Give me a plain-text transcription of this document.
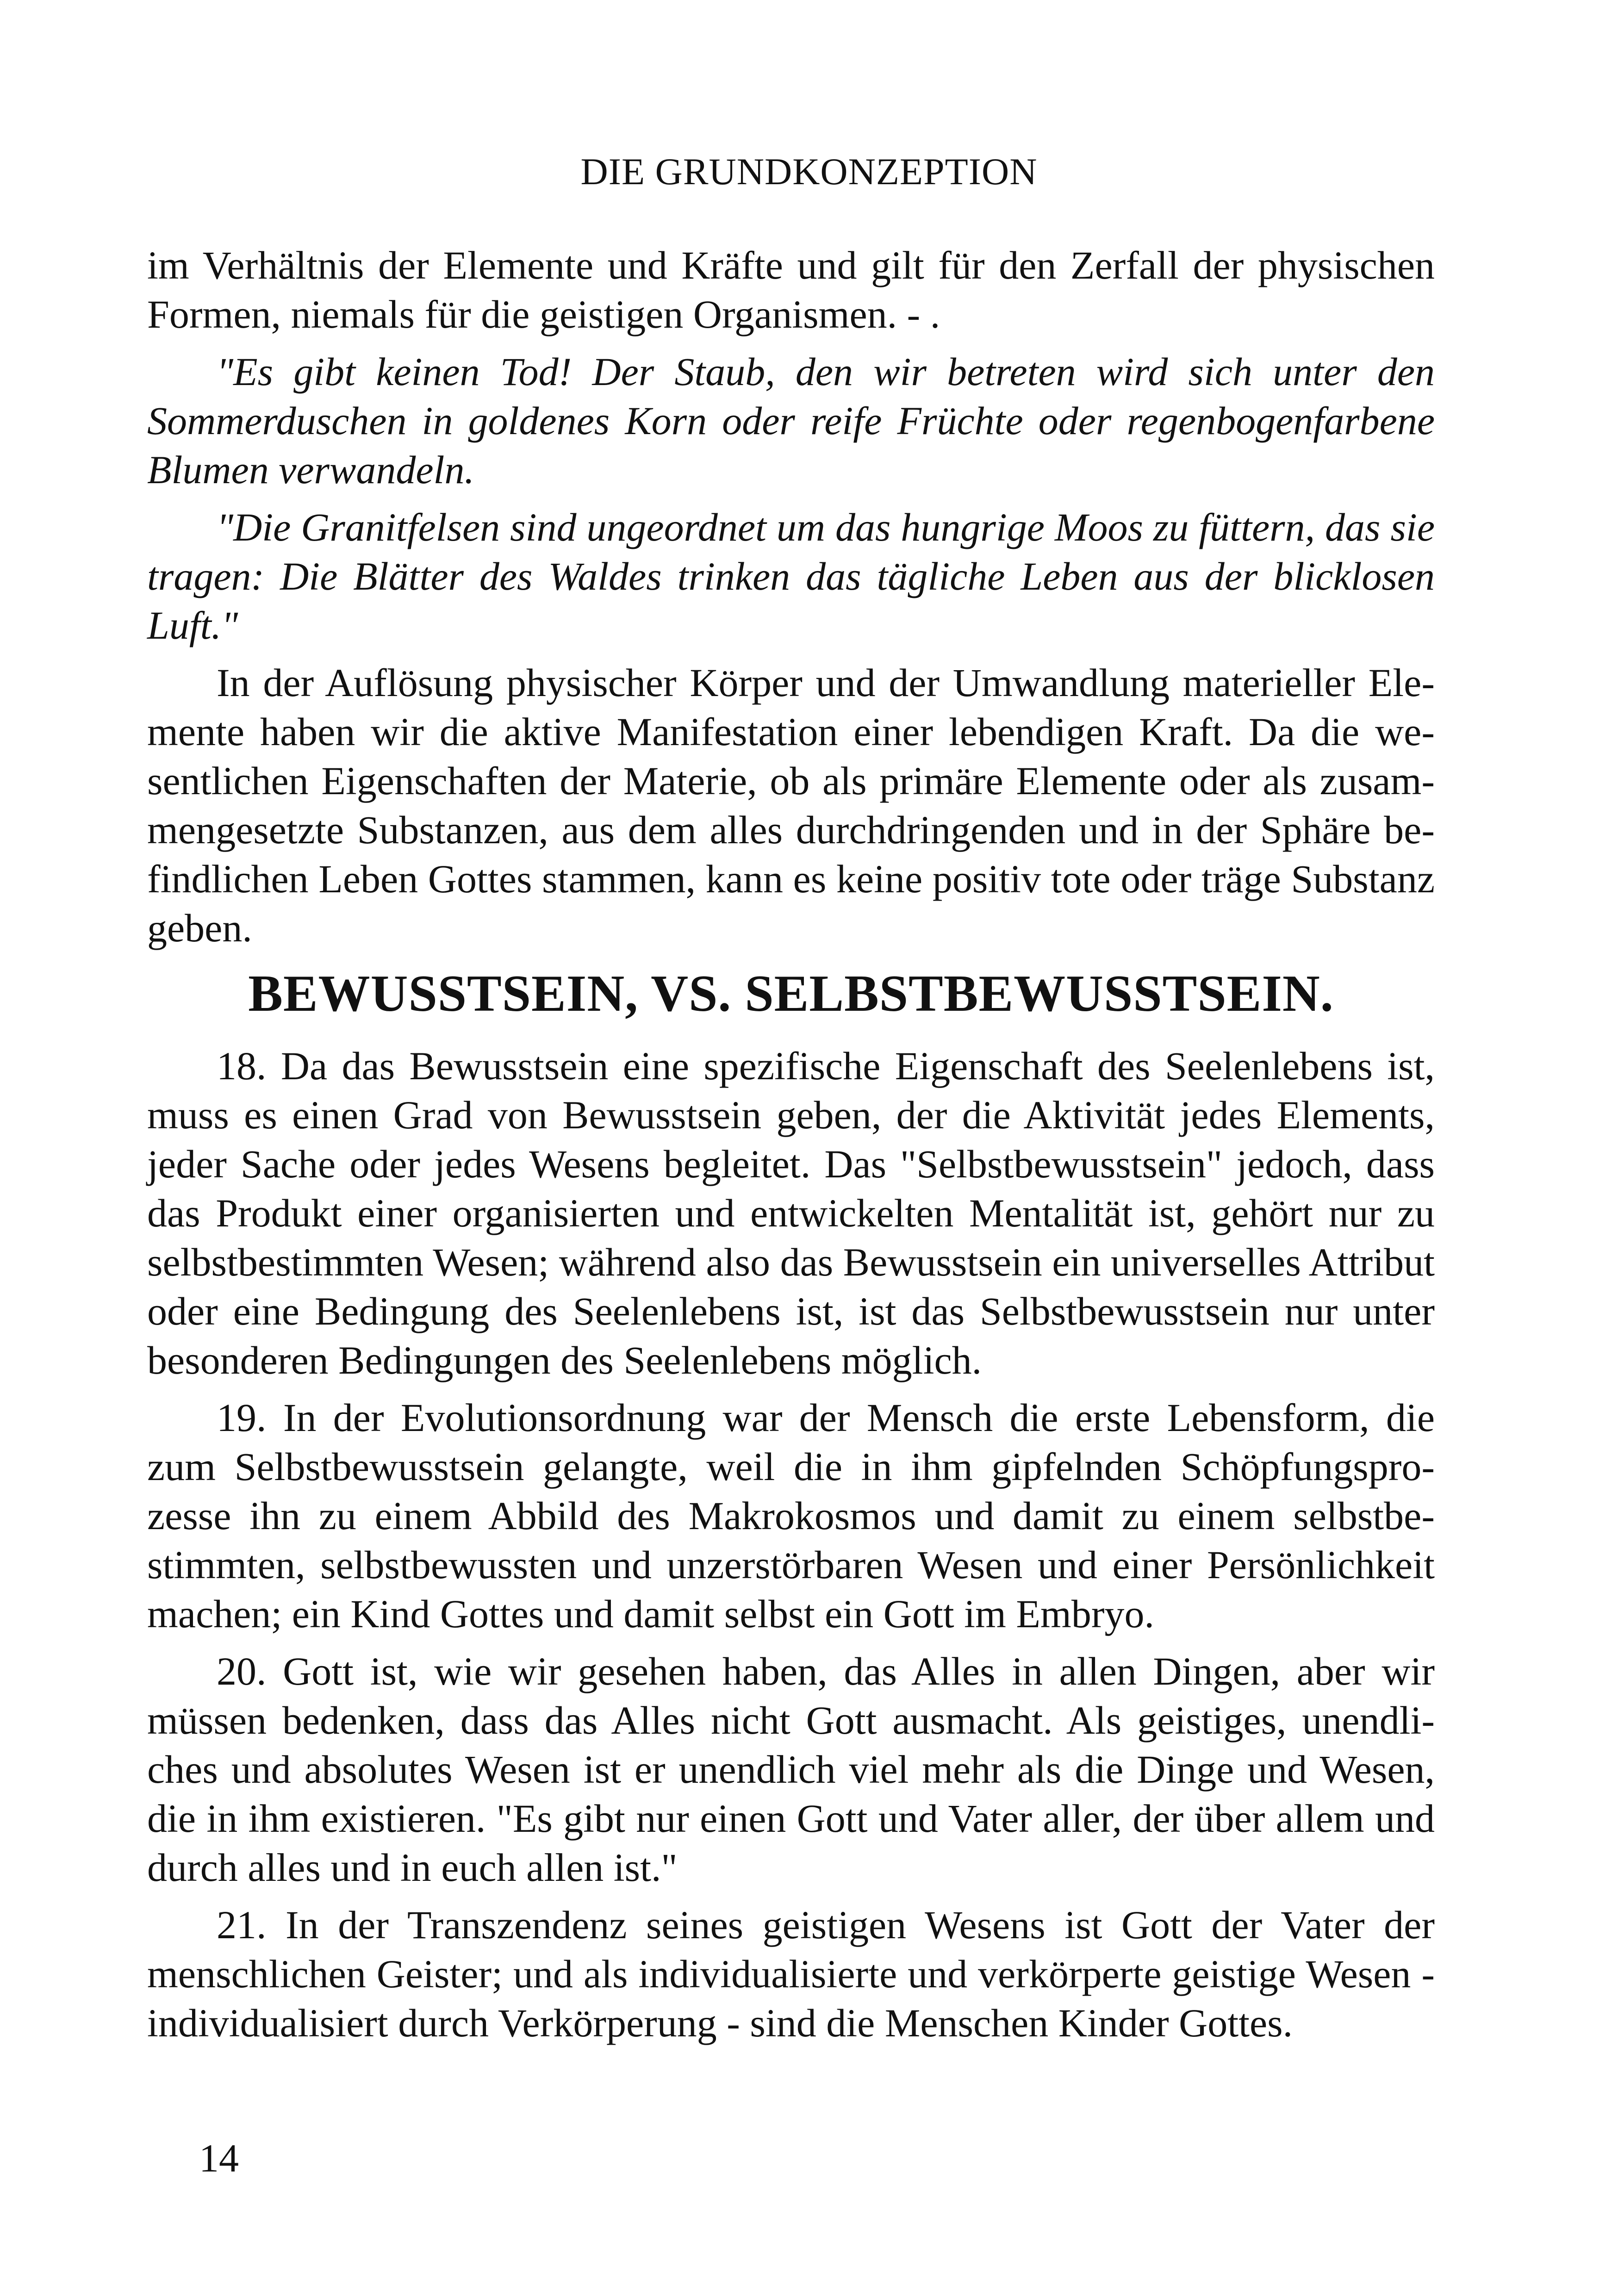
DIE GRUNDKONZEPTION

im Verhältnis der Elemente und Kräfte und gilt für den Zerfall der physischen Formen, niemals für die geistigen Organismen. - .

"Es gibt keinen Tod! Der Staub, den wir betreten wird sich unter den Sommerduschen in goldenes Korn oder reife Früchte oder regenbogenfarbene Blumen verwandeln.

"Die Granitfelsen sind ungeordnet um das hungrige Moos zu füttern, das sie tragen: Die Blätter des Waldes trinken das tägliche Leben aus der blicklosen Luft."

In der Auflösung physischer Körper und der Umwandlung materieller Elemente haben wir die aktive Manifestation einer lebendigen Kraft. Da die wesentlichen Eigenschaften der Materie, ob als primäre Elemente oder als zusammengesetzte Substanzen, aus dem alles durchdringenden und in der Sphäre befindlichen Leben Gottes stammen, kann es keine positiv tote oder träge Substanz geben.

BEWUSSTSEIN, VS. SELBSTBEWUSSTSEIN.

18. Da das Bewusstsein eine spezifische Eigenschaft des Seelenlebens ist, muss es einen Grad von Bewusstsein geben, der die Aktivität jedes Elements, jeder Sache oder jedes Wesens begleitet. Das "Selbstbewusstsein" jedoch, dass das Produkt einer organisierten und entwickelten Mentalität ist, gehört nur zu selbstbestimmten Wesen; während also das Bewusstsein ein universelles Attribut oder eine Bedingung des Seelenlebens ist, ist das Selbstbewusstsein nur unter besonderen Bedingungen des Seelenlebens möglich.

19. In der Evolutionsordnung war der Mensch die erste Lebensform, die zum Selbstbewusstsein gelangte, weil die in ihm gipfelnden Schöpfungsprozesse ihn zu einem Abbild des Makrokosmos und damit zu einem selbstbestimmten, selbstbewussten und unzerstörbaren Wesen und einer Persönlichkeit machen; ein Kind Gottes und damit selbst ein Gott im Embryo.

20. Gott ist, wie wir gesehen haben, das Alles in allen Dingen, aber wir müssen bedenken, dass das Alles nicht Gott ausmacht. Als geistiges, unendliches und absolutes Wesen ist er unendlich viel mehr als die Dinge und Wesen, die in ihm existieren. "Es gibt nur einen Gott und Vater aller, der über allem und durch alles und in euch allen ist."

21. In der Transzendenz seines geistigen Wesens ist Gott der Vater der menschlichen Geister; und als individualisierte und verkörperte geistige Wesen - individualisiert durch Verkörperung - sind die Menschen Kinder Gottes.

14
